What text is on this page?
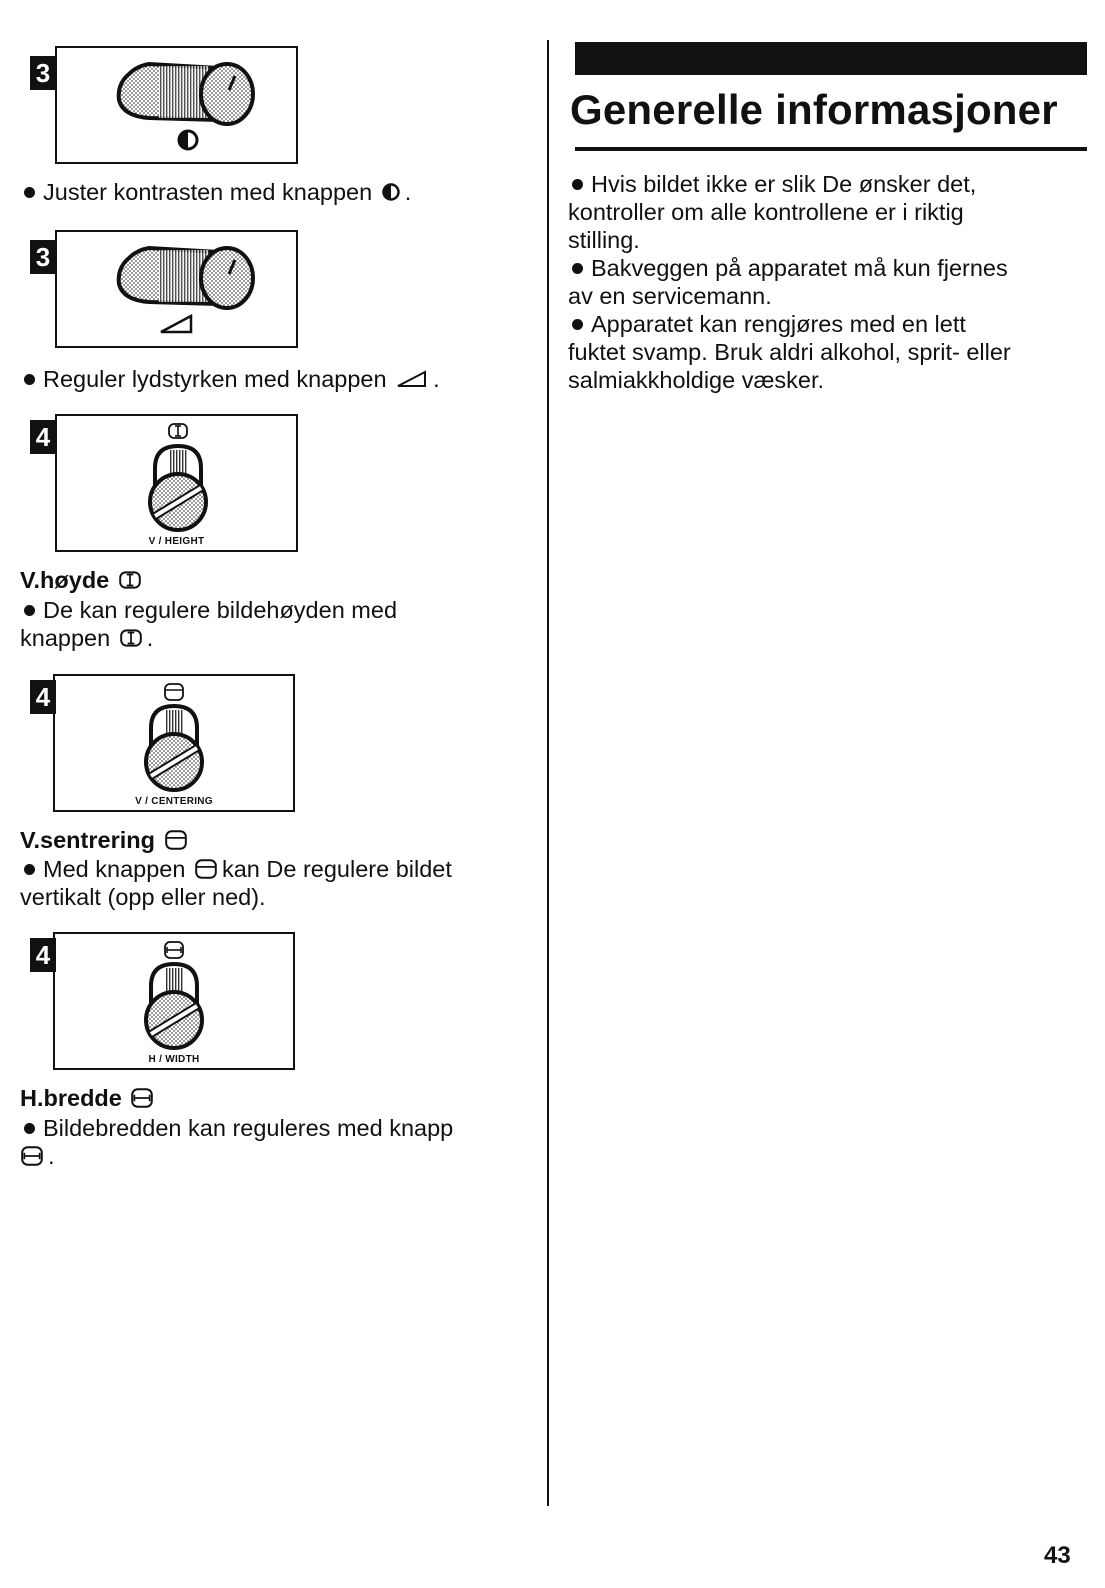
3
Juster kontrasten med knappen .
3
Reguler lydstyrken med knappen .
V / HEIGHT
4
V.høyde
De kan regulere bildehøyden med
knappen .
V / CENTERING
4
V.sentrering
Med knappen kan De regulere bildet
vertikalt (opp eller ned).
H / WIDTH
4
H.bredde
Bildebredden kan reguleres med knapp
.
Generelle informasjoner
Hvis bildet ikke er slik De ønsker det,
kontroller om alle kontrollene er i riktig
stilling.
Bakveggen på apparatet må kun fjernes
av en servicemann.
Apparatet kan rengjøres med en lett
fuktet svamp. Bruk aldri alkohol, sprit- eller
salmiakkholdige væsker.
43
